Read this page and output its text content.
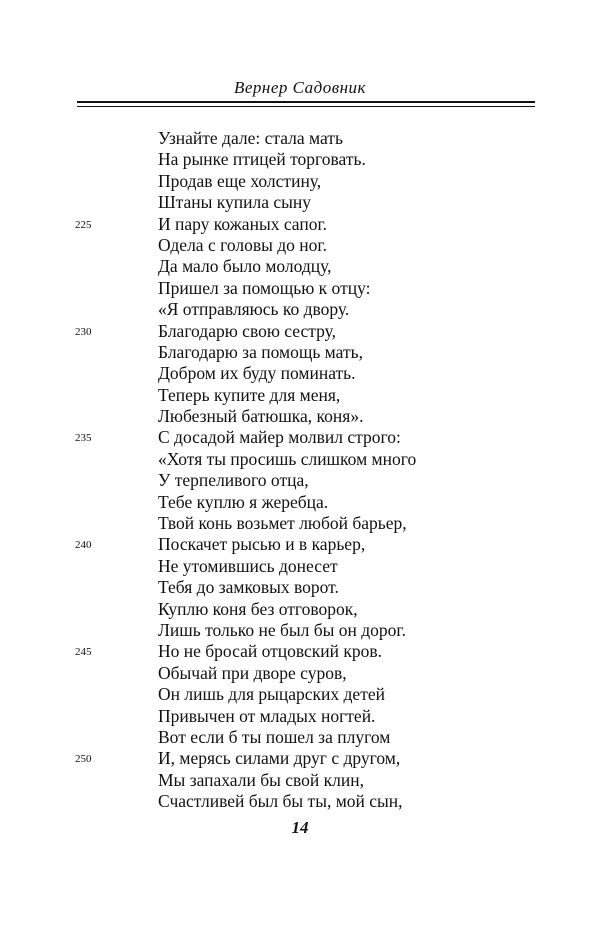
Вернер Садовник
Узнайте дале: стала мать
На рынке птицей торговать.
Продав еще холстину,
Штаны купила сыну
225	И пару кожаных сапог.
Одела с головы до ног.
Да мало было молодцу,
Пришел за помощью к отцу:
«Я отправляюсь ко двору.
230	Благодарю свою сестру,
Благодарю за помощь мать,
Добром их буду поминать.
Теперь купите для меня,
Любезный батюшка, коня».
235	С досадой майер молвил строго:
«Хотя ты просишь слишком много
У терпеливого отца,
Тебе куплю я жеребца.
Твой конь возьмет любой барьер,
240	Поскачет рысью и в карьер,
Не утомившись донесет
Тебя до замковых ворот.
Куплю коня без отговорок,
Лишь только не был бы он дорог.
245	Но не бросай отцовский кров.
Обычай при дворе суров,
Он лишь для рыцарских детей
Привычен от младых ногтей.
Вот если б ты пошел за плугом
250	И, мерясь силами друг с другом,
Мы запахали бы свой клин,
Счастливей был бы ты, мой сын,
14
